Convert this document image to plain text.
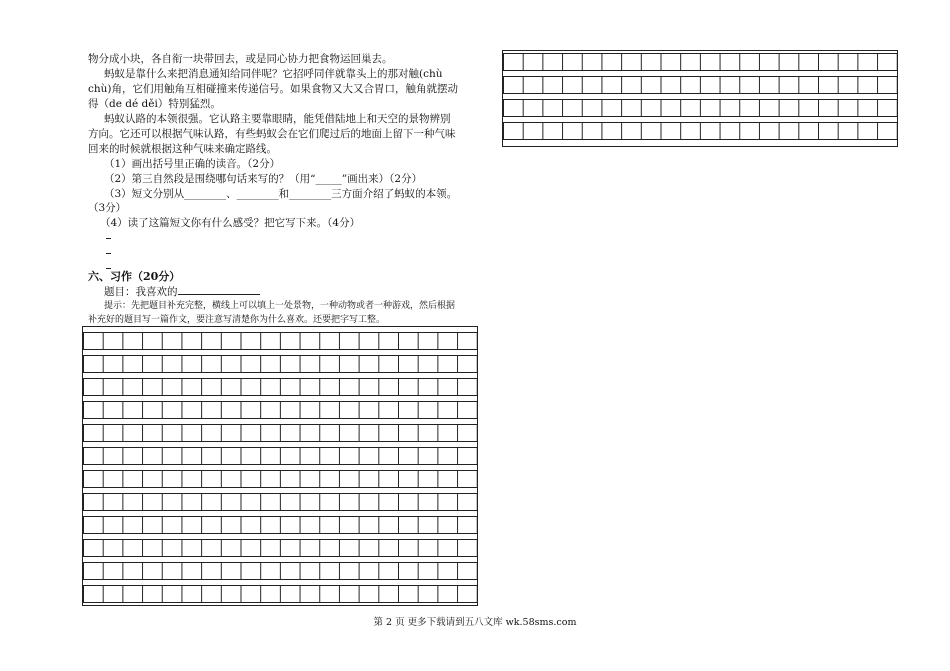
物分成小块，各自衔一块带回去，或是同心协力把食物运回巢去。
蚂蚁是靠什么来把消息通知给同伴呢？它招呼同伴就靠头上的那对触(chù
chù)角，它们用触角互相碰撞来传递信号。如果食物又大又合胃口，触角就摆动
得（de dé děi）特别猛烈。
蚂蚁认路的本领很强。它认路主要靠眼睛，能凭借陆地上和天空的景物辨别
方向。它还可以根据气味认路，有些蚂蚁会在它们爬过后的地面上留下一种气味
回来的时候就根据这种气味来确定路线。
（1）画出括号里正确的读音。（2分）
（2）第三自然段是围绕哪句话来写的？（用“_____”画出来）（2分）
（3）短文分别从________、________和________三方面介绍了蚂蚁的本领。
（3分）
（4）读了这篇短文你有什么感受？把它写下来。（4分）
六、习作（20分）
题目：我喜欢的
提示：先把题目补充完整，横线上可以填上一处景物，一种动物或者一种游戏，然后根据
补充好的题目写一篇作文，要注意写清楚你为什么喜欢。还要把字写工整。
第 2 页 更多下载请到五八文库 wk.58sms.com
